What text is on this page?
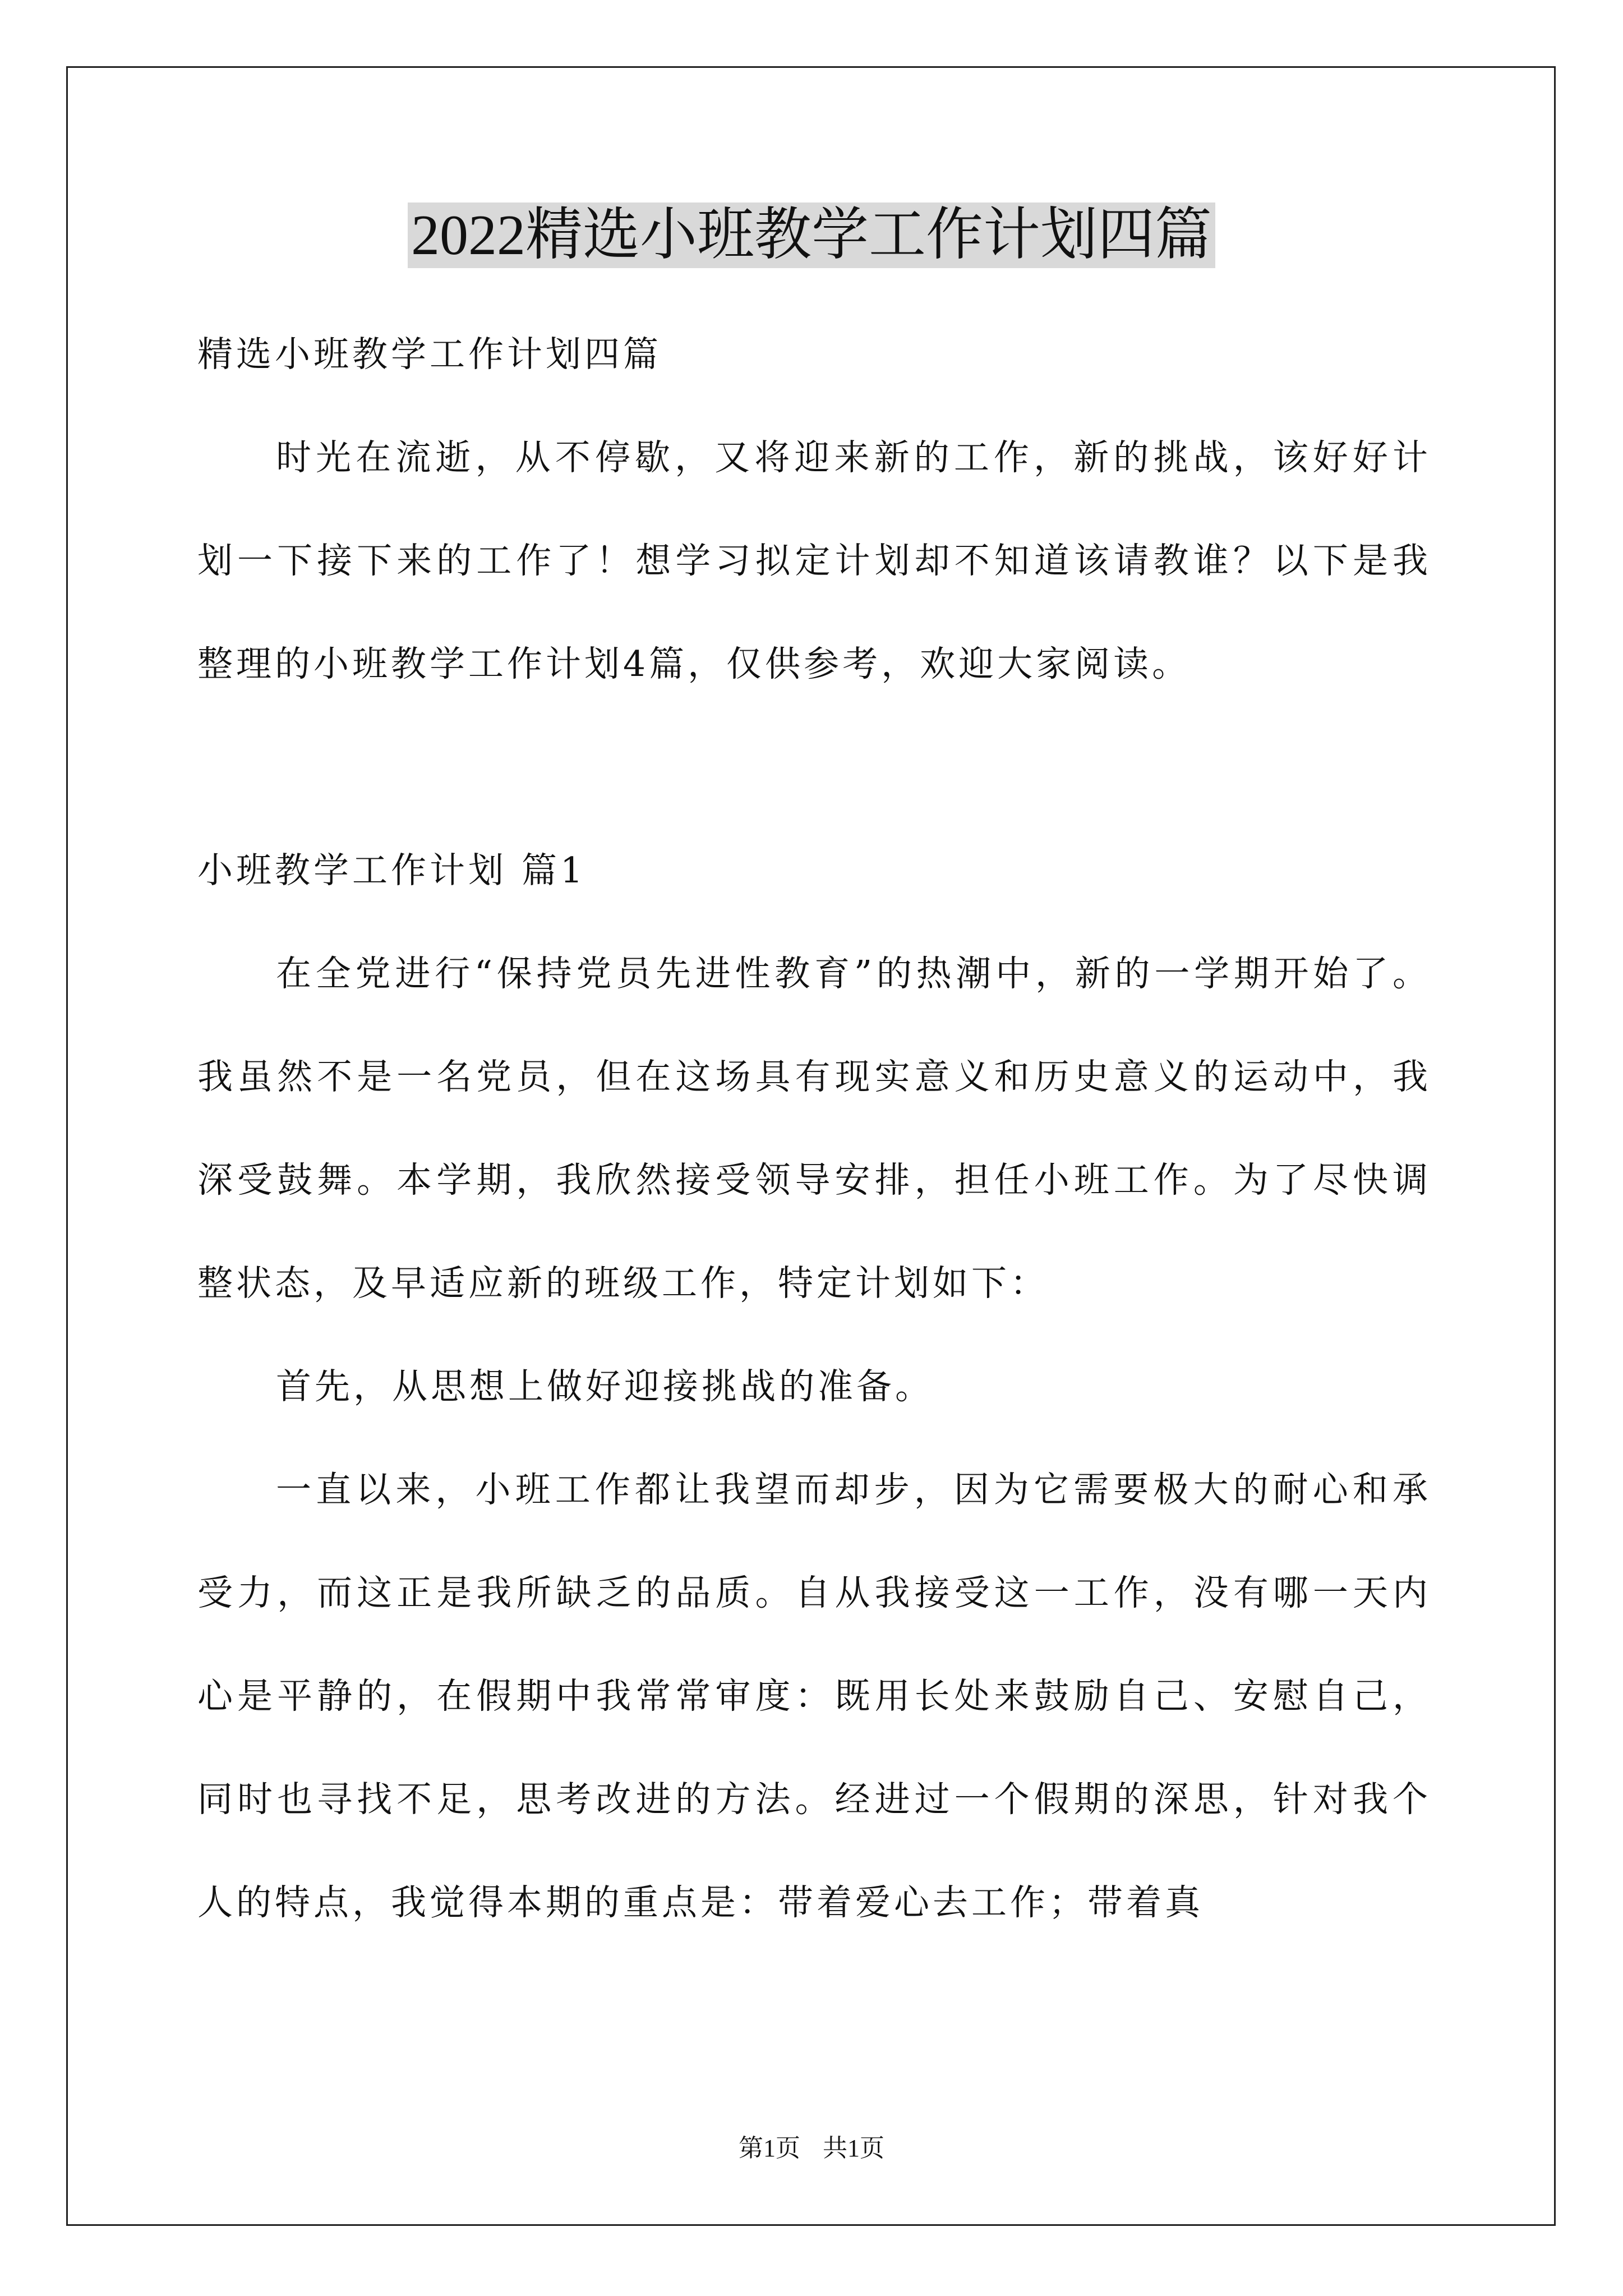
2022精选小班教学工作计划四篇

精选小班教学工作计划四篇

时光在流逝，从不停歇，又将迎来新的工作，新的挑战，该好好计划一下接下来的工作了！想学习拟定计划却不知道该请教谁？以下是我整理的小班教学工作计划4篇，仅供参考，欢迎大家阅读。

小班教学工作计划 篇1

在全党进行“保持党员先进性教育”的热潮中，新的一学期开始了。我虽然不是一名党员，但在这场具有现实意义和历史意义的运动中，我深受鼓舞。本学期，我欣然接受领导安排，担任小班工作。为了尽快调整状态，及早适应新的班级工作，特定计划如下：

首先，从思想上做好迎接挑战的准备。

一直以来，小班工作都让我望而却步，因为它需要极大的耐心和承受力，而这正是我所缺乏的品质。自从我接受这一工作，没有哪一天内心是平静的，在假期中我常常审度：既用长处来鼓励自己、安慰自己，同时也寻找不足，思考改进的方法。经进过一个假期的深思，针对我个人的特点，我觉得本期的重点是：带着爱心去工作；带着真

第1页 共1页
